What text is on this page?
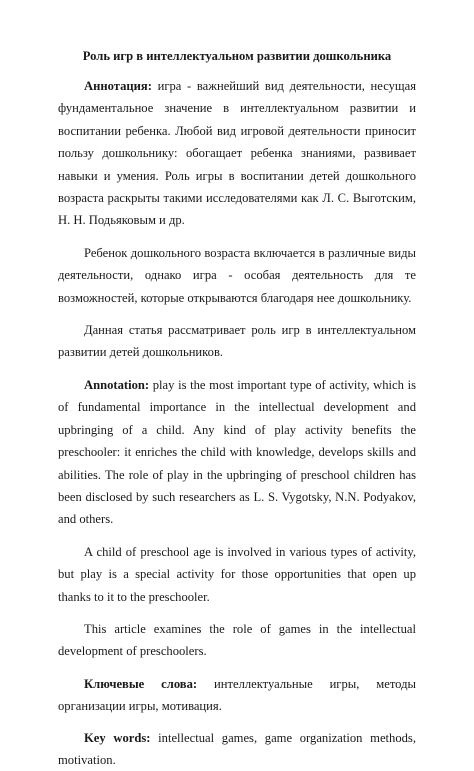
Роль игр в интеллектуальном развитии дошкольника

Аннотация: игра - важнейший вид деятельности, несущая фундаментальное значение в интеллектуальном развитии и воспитании ребенка. Любой вид игровой деятельности приносит пользу дошкольнику: обогащает ребенка знаниями, развивает навыки и умения. Роль игры в воспитании детей дошкольного возраста раскрыты такими исследователями как Л. С. Выготским, Н. Н. Подьяковым и др.

Ребенок дошкольного возраста включается в различные виды деятельности, однако игра - особая деятельность для те возможностей, которые открываются благодаря нее дошкольнику.

Данная статья рассматривает роль игр в интеллектуальном развитии детей дошкольников.

Annotation: play is the most important type of activity, which is of fundamental importance in the intellectual development and upbringing of a child. Any kind of play activity benefits the preschooler: it enriches the child with knowledge, develops skills and abilities. The role of play in the upbringing of preschool children has been disclosed by such researchers as L. S. Vygotsky, N.N. Podyakov, and others.

A child of preschool age is involved in various types of activity, but play is a special activity for those opportunities that open up thanks to it to the preschooler.

This article examines the role of games in the intellectual development of preschoolers.

Ключевые слова: интеллектуальные игры, методы организации игры, мотивация.

Key words: intellectual games, game organization methods, motivation.
